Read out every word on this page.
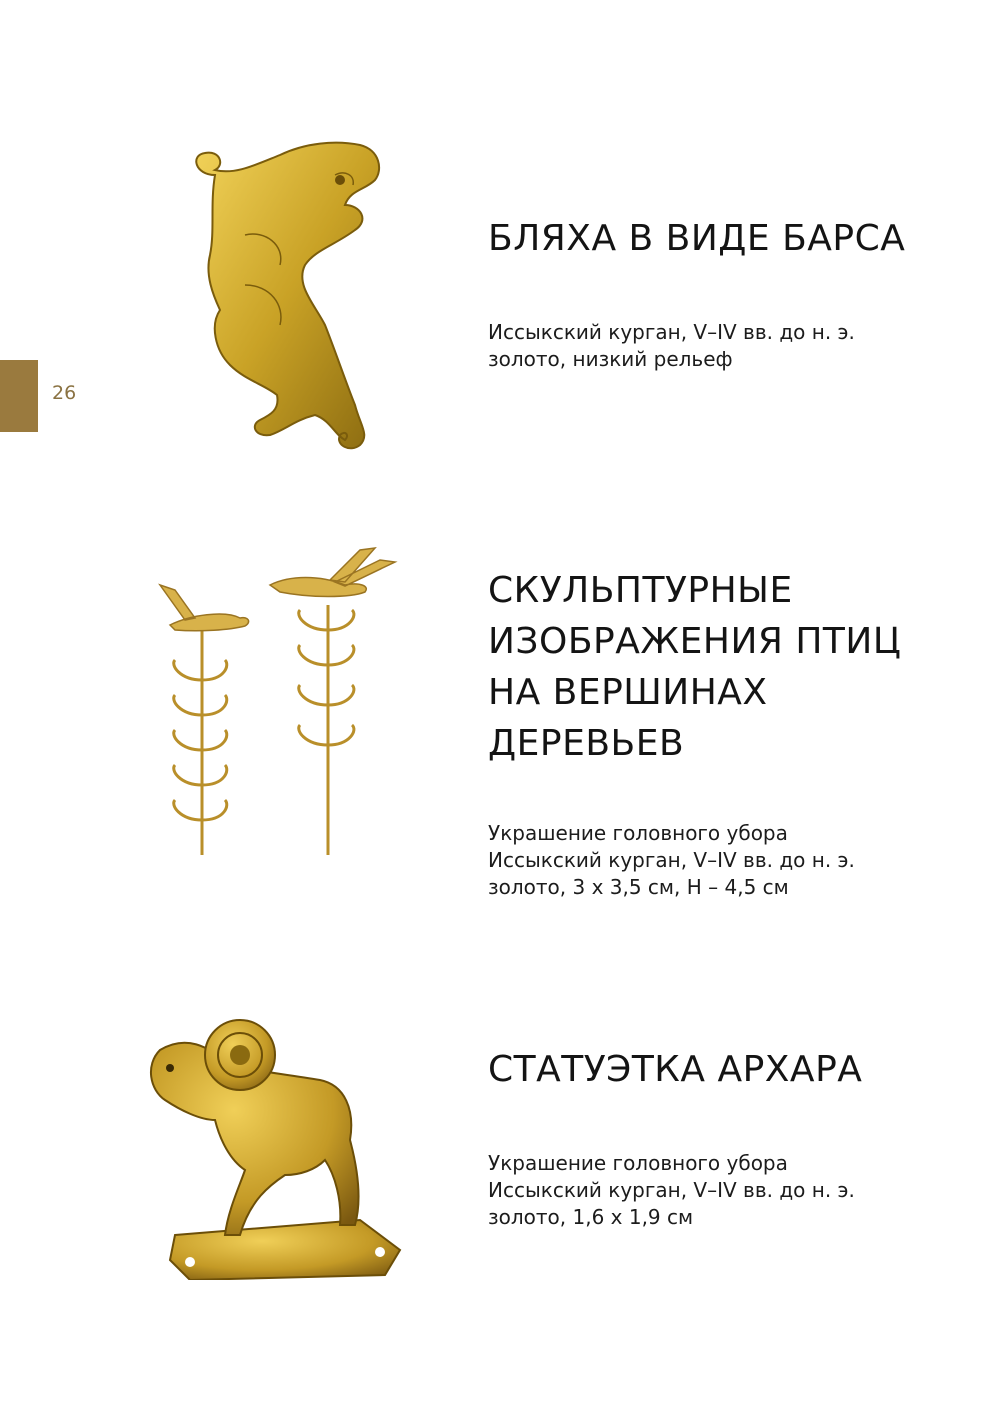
26
БЛЯХА В ВИДЕ БАРСА

Иссыкский курган, V–IV вв. до н. э.
золото, низкий рельеф

СКУЛЬПТУРНЫЕ
ИЗОБРАЖЕНИЯ ПТИЦ
НА ВЕРШИНАХ
ДЕРЕВЬЕВ

Украшение головного убора
Иссыкский курган, V–IV вв. до н. э.
золото, 3 х 3,5 см, Н – 4,5 см

СТАТУЭТКА АРХАРА

Украшение головного убора
Иссыкский курган, V–IV вв. до н. э.
золото, 1,6 х 1,9 см
